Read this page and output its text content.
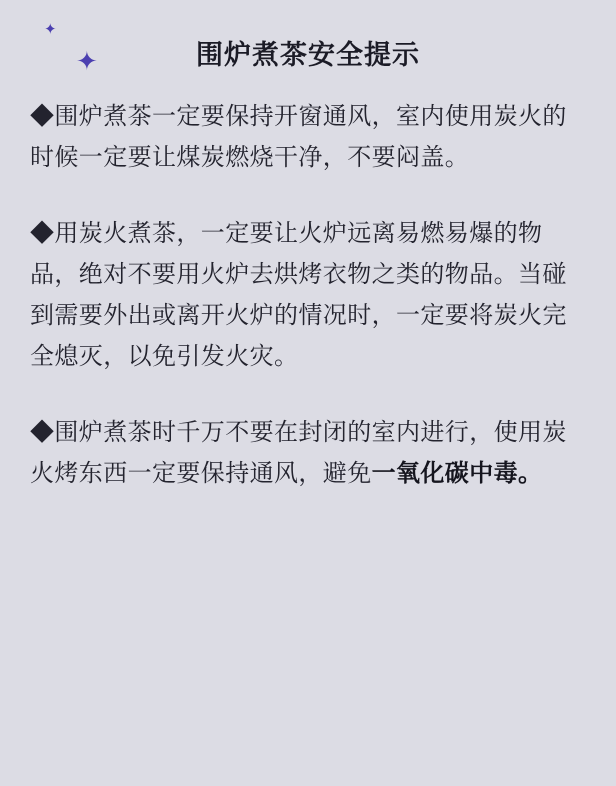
✦
✦	围炉煮茶安全提示

◆围炉煮茶一定要保持开窗通风，室内使用炭火的时候一定要让煤炭燃烧干净，不要闷盖。

◆用炭火煮茶，一定要让火炉远离易燃易爆的物品，绝对不要用火炉去烘烤衣物之类的物品。当碰到需要外出或离开火炉的情况时，一定要将炭火完全熄灭，以免引发火灾。

◆围炉煮茶时千万不要在封闭的室内进行，使用炭火烤东西一定要保持通风，避免一氧化碳中毒。
